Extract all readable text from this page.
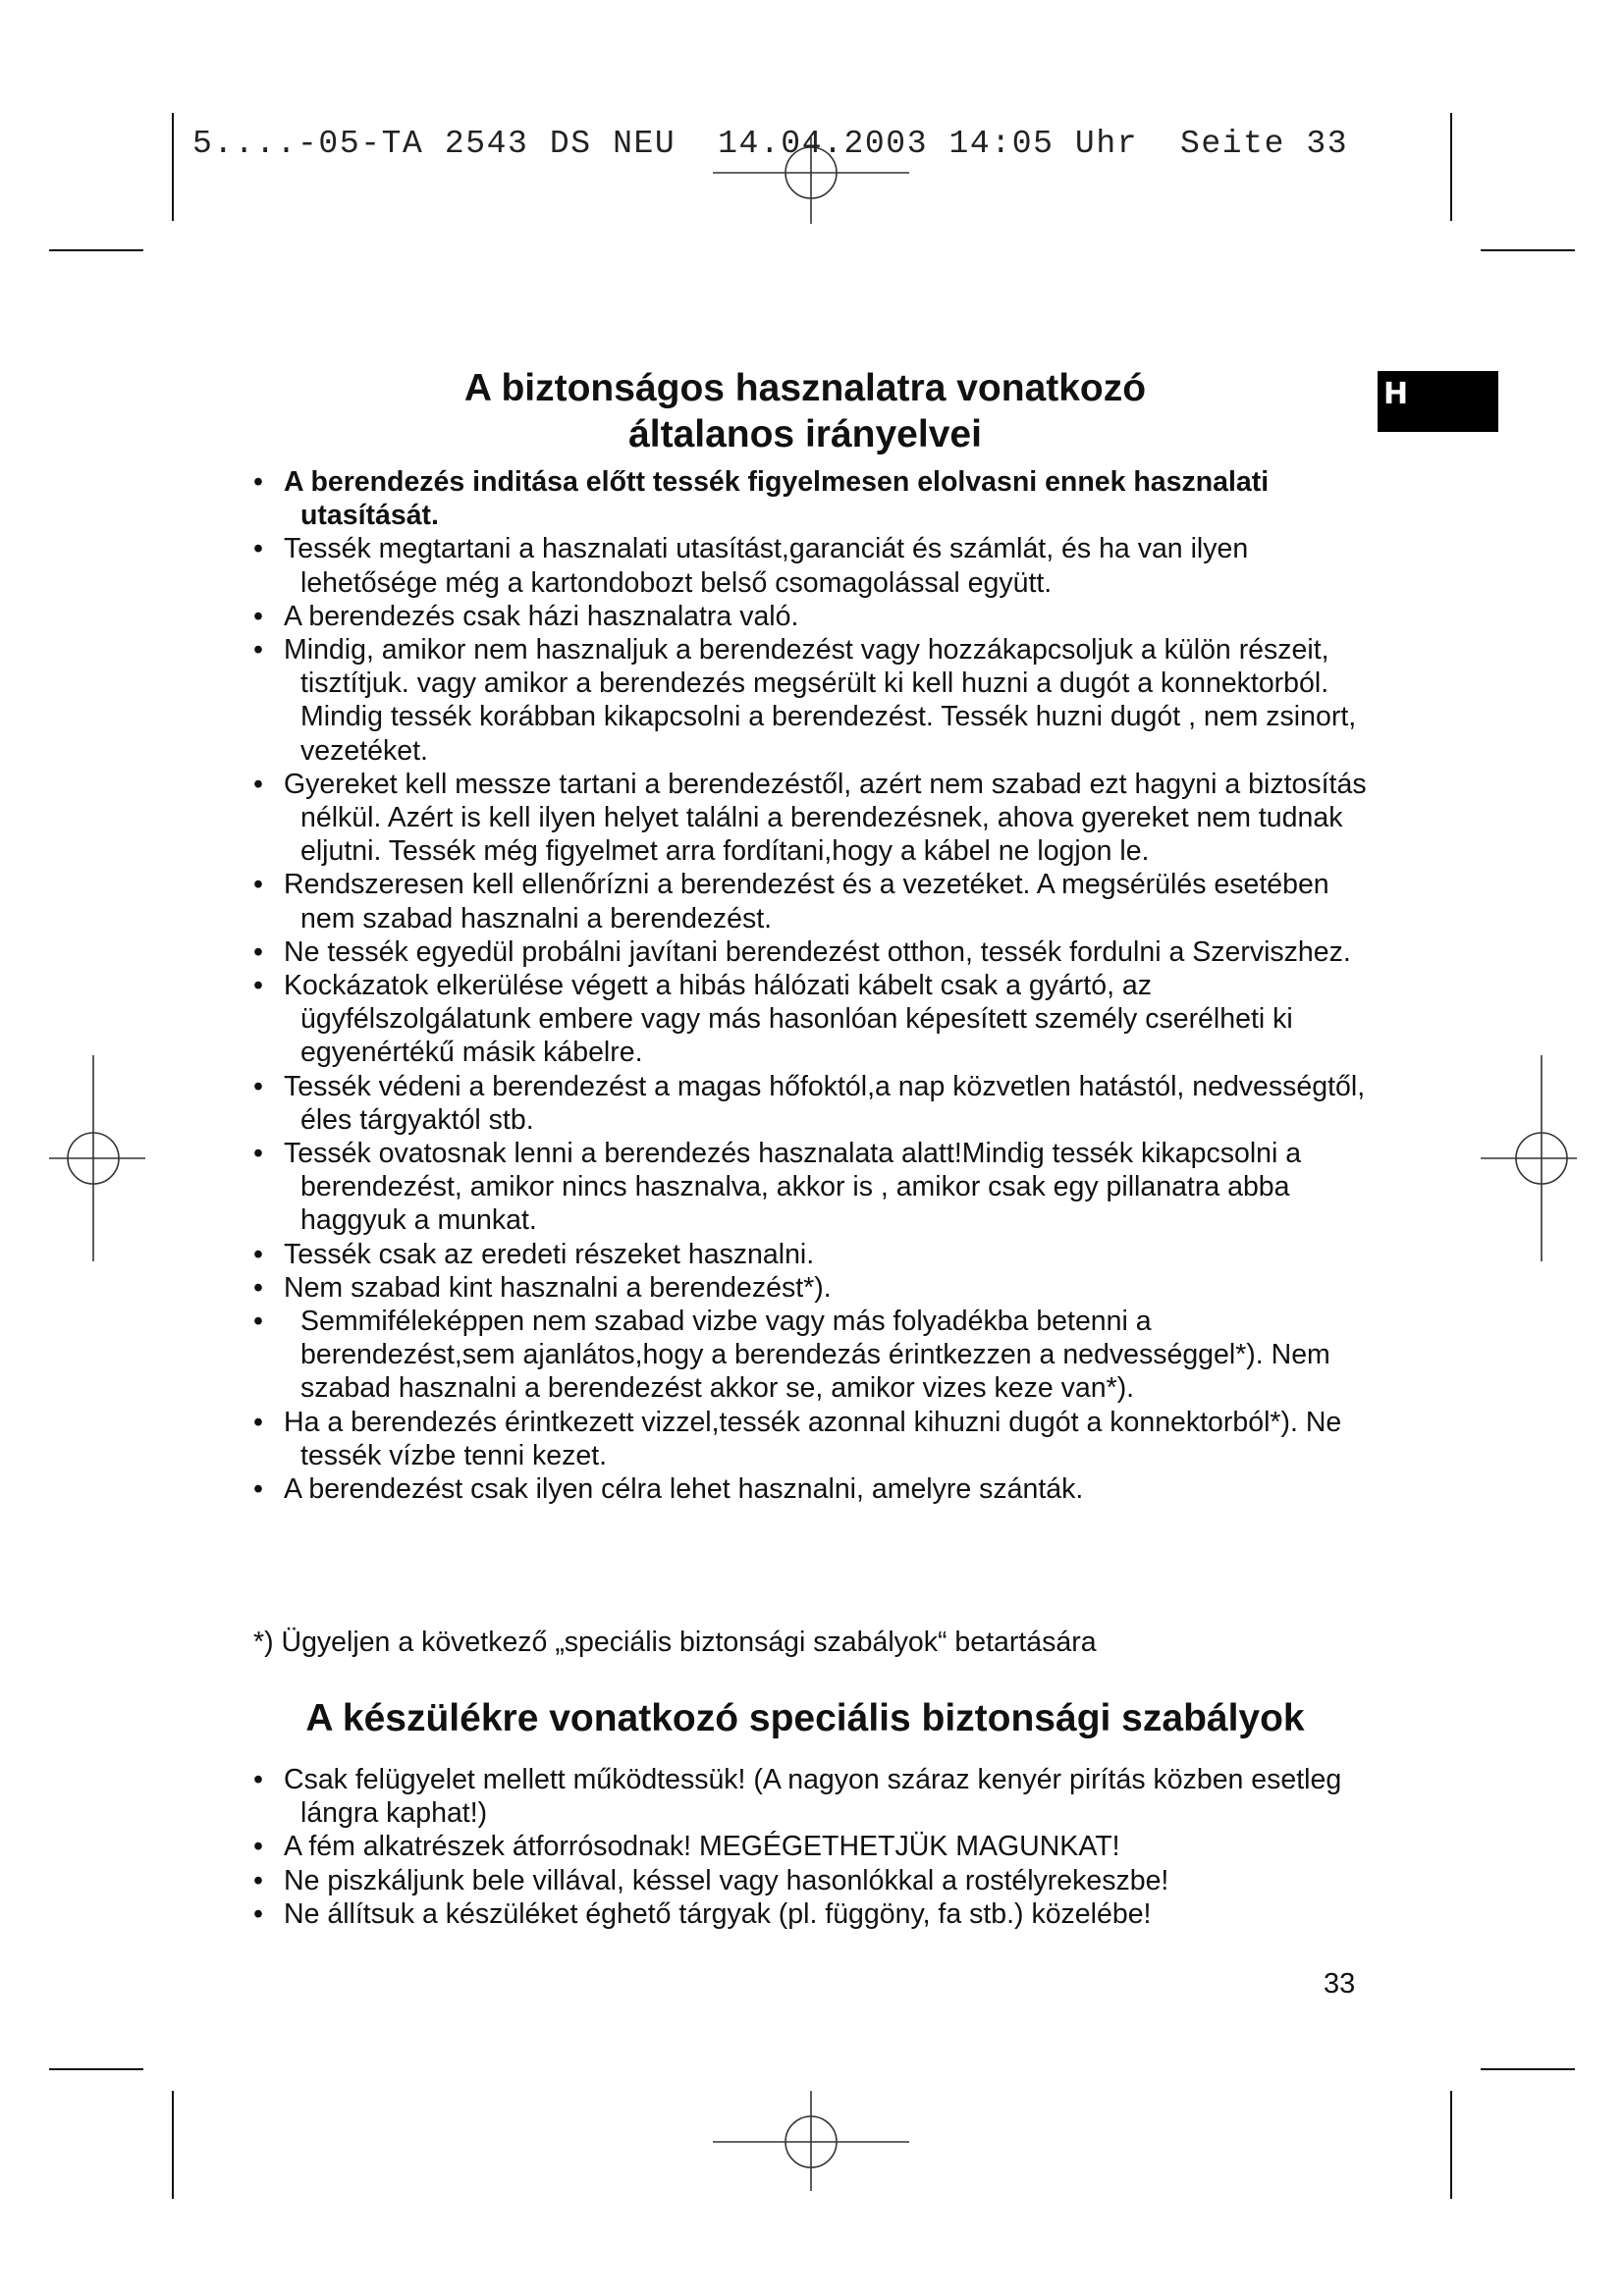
5....-05-TA 2543 DS NEU  14.04.2003 14:05 Uhr  Seite 33
H
A biztonságos hasznalatra vonatkozó
általanos irányelvei
• A berendezés inditása előtt tessék figyelmesen elolvasni ennek hasznalati utasítását.
• Tessék megtartani a hasznalati utasítást,garanciát és számlát, és ha van ilyen lehetősége még a kartondobozt belső csomagolással együtt.
• A berendezés csak házi hasznalatra való.
• Mindig, amikor nem hasznaljuk a berendezést vagy hozzákapcsoljuk a külön részeit, tisztítjuk. vagy amikor a berendezés megsérült ki kell huzni a dugót a konnektorból. Mindig tessék korábban kikapcsolni a berendezést. Tessék huzni dugót , nem zsinort, vezetéket.
• Gyereket kell messze tartani a berendezéstől, azért nem szabad ezt hagyni a biztosítás nélkül. Azért is kell ilyen helyet találni a berendezésnek, ahova gyereket nem tudnak eljutni. Tessék még figyelmet arra fordítani,hogy a kábel ne logjon le.
• Rendszeresen kell ellenőrízni a berendezést és a vezetéket. A megsérülés esetében nem szabad hasznalni a berendezést.
• Ne tessék egyedül probálni javítani berendezést otthon, tessék fordulni a Szerviszhez.
• Kockázatok elkerülése végett a hibás hálózati kábelt csak a gyártó, az ügyfélszolgálatunk embere vagy más hasonlóan képesített személy cserélheti ki egyenértékű másik kábelre.
• Tessék védeni a berendezést a magas hőfoktól,a nap közvetlen hatástól, nedvességtől, éles tárgyaktól stb.
• Tessék ovatosnak lenni a berendezés hasznalata alatt!Mindig tessék kikapcsolni a berendezést, amikor nincs hasznalva, akkor is , amikor csak egy pillanatra abba haggyuk a munkat.
• Tessék csak az eredeti részeket hasznalni.
• Nem szabad kint hasznalni a berendezést*).
• Semmiféleképpen nem szabad vizbe vagy más folyadékba betenni a berendezést,sem ajanlátos,hogy a berendezás érintkezzen a nedvességgel*). Nem szabad hasznalni a berendezést akkor se, amikor vizes keze van*).
• Ha a berendezés érintkezett vizzel,tessék azonnal kihuzni dugót a konnektorból*). Ne tessék vízbe tenni kezet.
• A berendezést csak ilyen célra lehet hasznalni, amelyre szánták.

*) Ügyeljen a következő „speciális biztonsági szabályok“ betartására

A készülékre vonatkozó speciális biztonsági szabályok
• Csak felügyelet mellett működtessük! (A nagyon száraz kenyér pirítás közben esetleg lángra kaphat!)
• A fém alkatrészek átforrósodnak! MEGÉGETHETJÜK MAGUNKAT!
• Ne piszkáljunk bele villával, késsel vagy hasonlókkal a rostélyrekeszbe!
• Ne állítsuk a készüléket éghető tárgyak (pl. függöny, fa stb.) közelébe!
33
